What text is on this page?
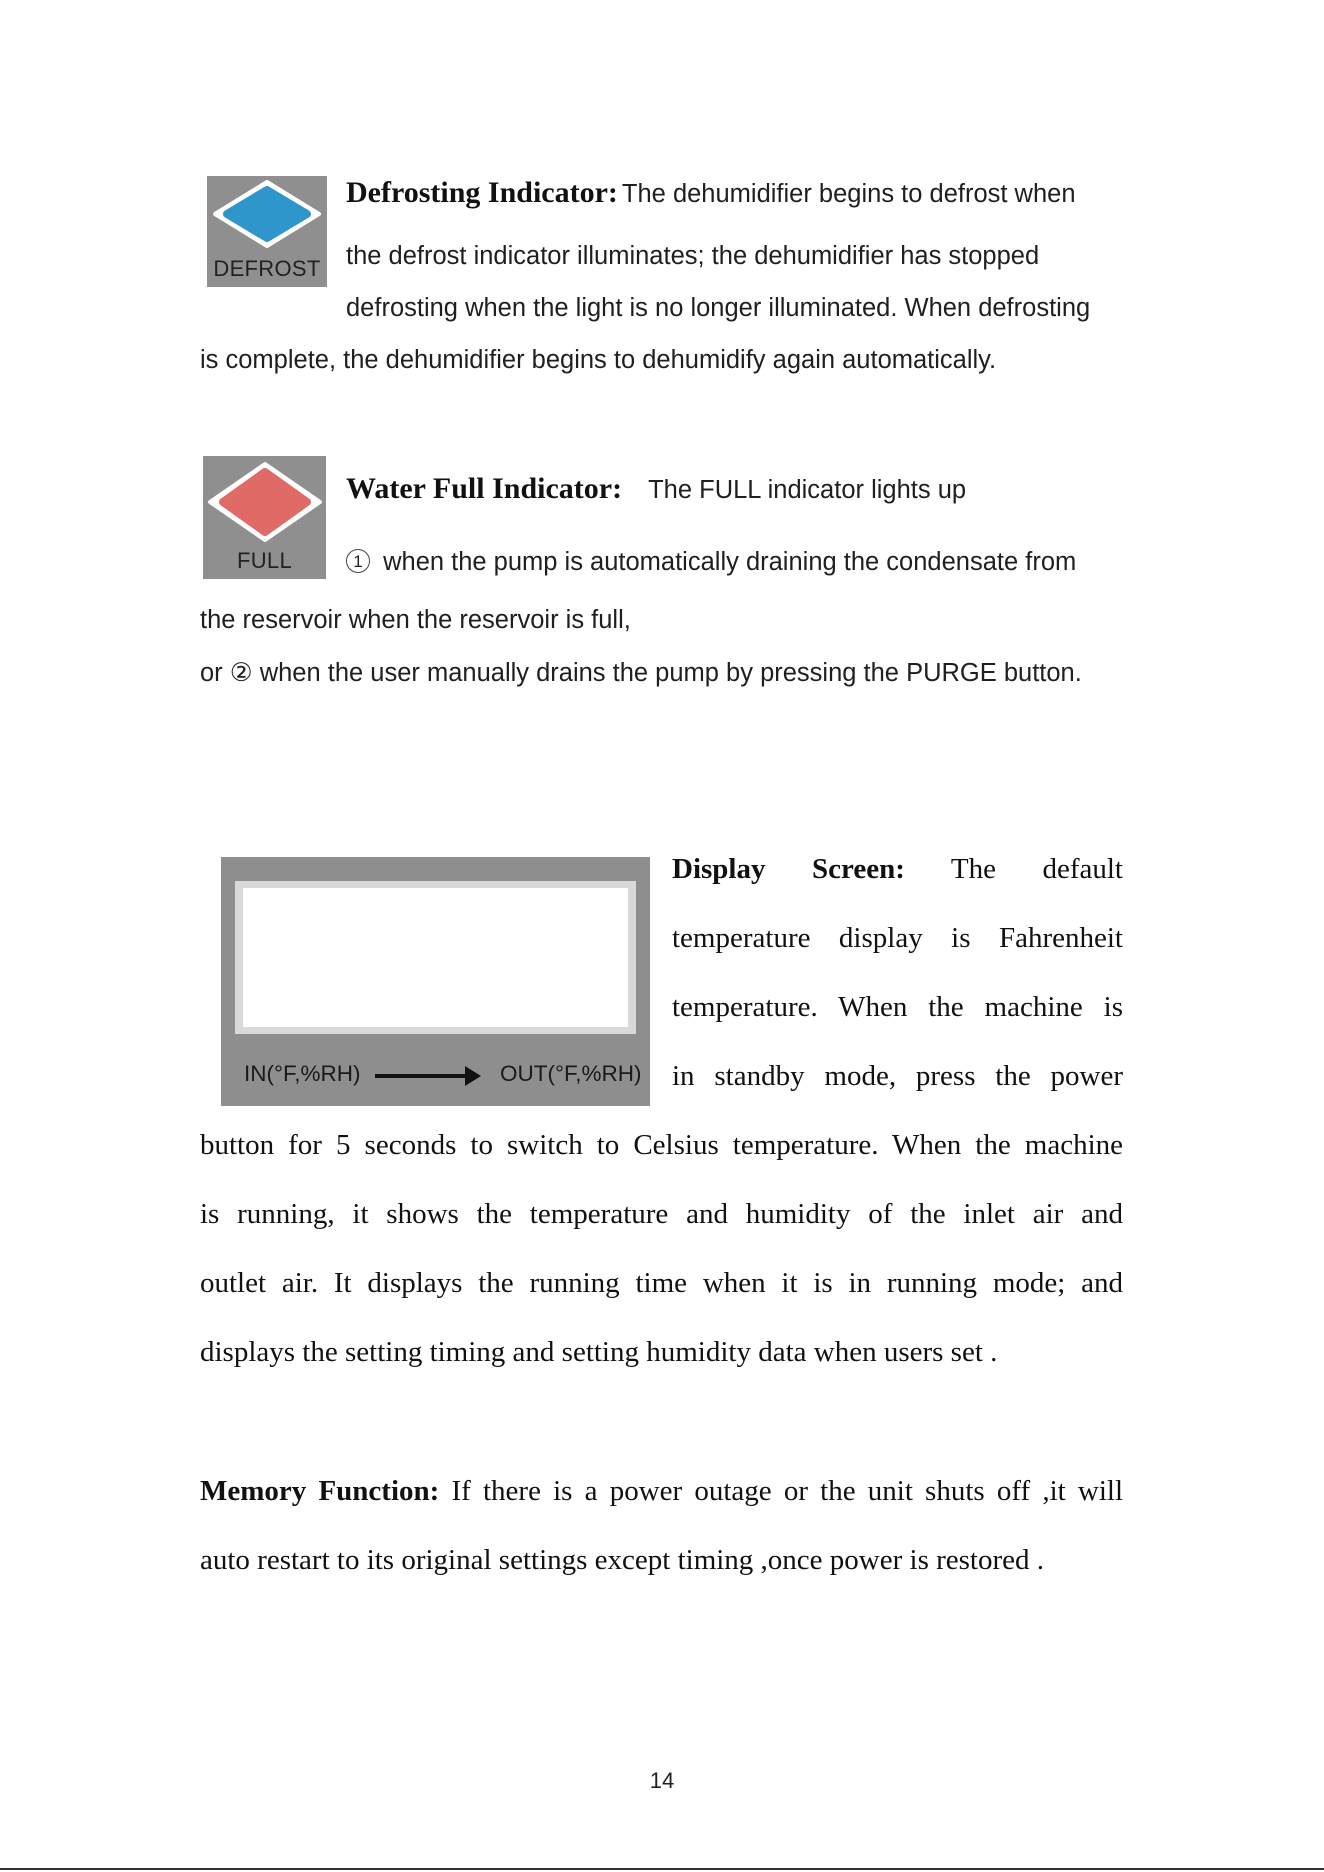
DEFROST
Defrosting Indicator: The dehumidifier begins to defrost when
the defrost indicator illuminates; the dehumidifier has stopped
defrosting when the light is no longer illuminated. When defrosting
is complete, the dehumidifier begins to dehumidify again automatically.
FULL
Water Full Indicator: The FULL indicator lights up
1 when the pump is automatically draining the condensate from
the reservoir when the reservoir is full,
or ② when the user manually drains the pump by pressing the PURGE button.
IN(°F,%RH)	OUT(°F,%RH)
Display Screen: The default
temperature display is Fahrenheit
temperature. When the machine is
in standby mode, press the power
button for 5 seconds to switch to Celsius temperature. When the machine
is running, it shows the temperature and humidity of the inlet air and
outlet air. It displays the running time when it is in running mode; and
displays the setting timing and setting humidity data when users set .
Memory Function: If there is a power outage or the unit shuts off ,it will
auto restart to its original settings except timing ,once power is restored .
14
